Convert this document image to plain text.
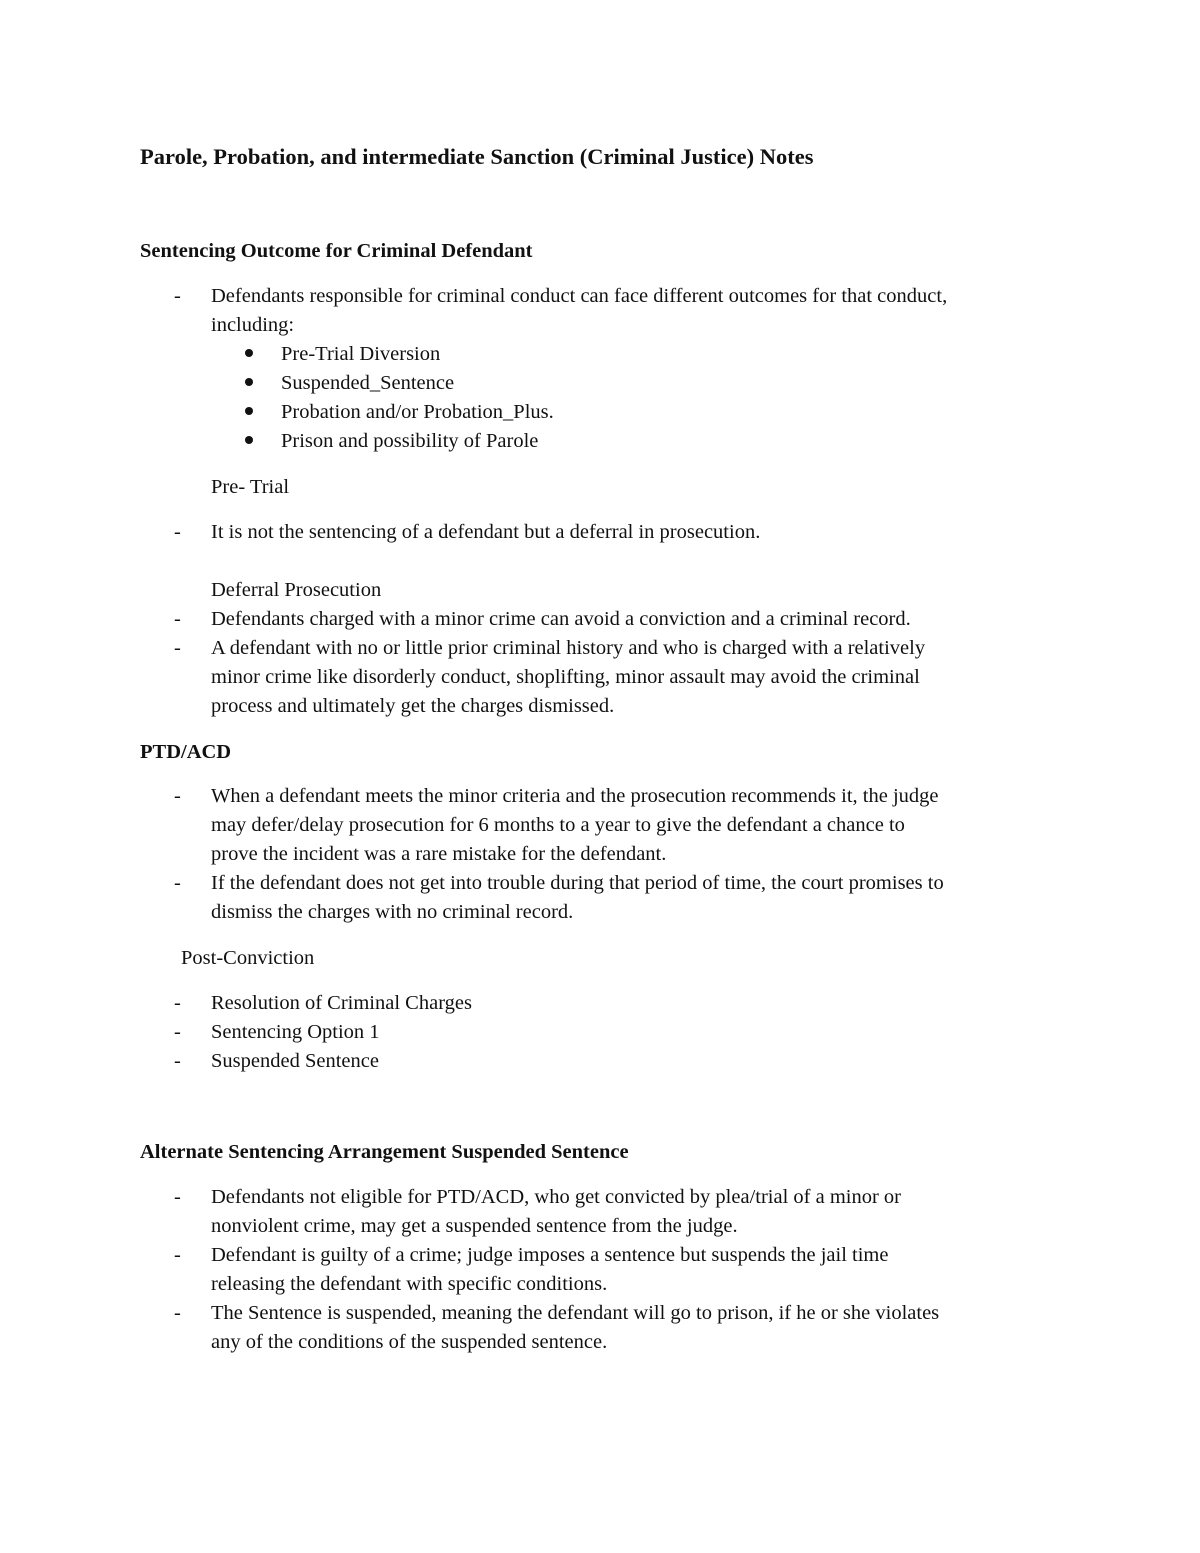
Parole, Probation, and intermediate Sanction (Criminal Justice) Notes
Sentencing Outcome for Criminal Defendant
- Defendants responsible for criminal conduct can face different outcomes for that conduct,
including:
Pre-Trial Diversion
Suspended_Sentence
Probation and/or Probation_Plus.
Prison and possibility of Parole
Pre- Trial
- It is not the sentencing of a defendant but a deferral in prosecution.
Deferral Prosecution
- Defendants charged with a minor crime can avoid a conviction and a criminal record.
- A defendant with no or little prior criminal history and who is charged with a relatively
minor crime like disorderly conduct, shoplifting, minor assault may avoid the criminal
process and ultimately get the charges dismissed.
PTD/ACD
- When a defendant meets the minor criteria and the prosecution recommends it, the judge
may defer/delay prosecution for 6 months to a year to give the defendant a chance to
prove the incident was a rare mistake for the defendant.
- If the defendant does not get into trouble during that period of time, the court promises to
dismiss the charges with no criminal record.
Post-Conviction
- Resolution of Criminal Charges
- Sentencing Option 1
- Suspended Sentence
Alternate Sentencing Arrangement Suspended Sentence
- Defendants not eligible for PTD/ACD, who get convicted by plea/trial of a minor or
nonviolent crime, may get a suspended sentence from the judge.
- Defendant is guilty of a crime; judge imposes a sentence but suspends the jail time
releasing the defendant with specific conditions.
- The Sentence is suspended, meaning the defendant will go to prison, if he or she violates
any of the conditions of the suspended sentence.
